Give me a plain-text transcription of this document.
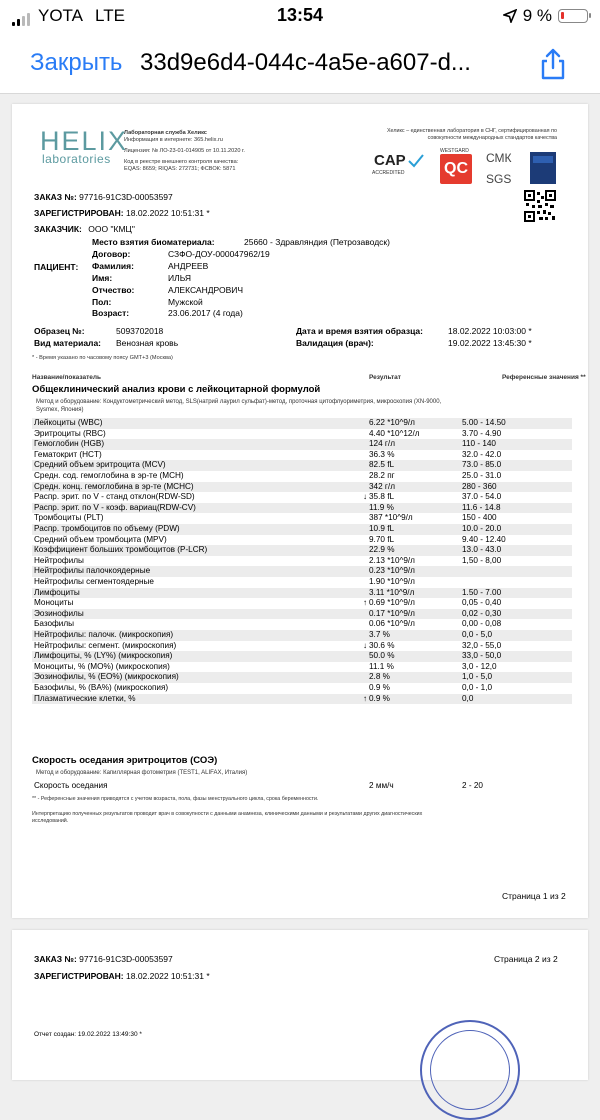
YOTA LTE	13:54	9 %
Закрыть 33d9e6d4-044c-4a5e-a607-d...
HELIX
laboratories
Лабораторная служба Хеликс
Информация в интернете: 365.helix.ru
Лицензия: № ЛО-23-01-014905 от 10.11.2020 г.
Код в реестре внешнего контроля качества:
EQAS: 8659; RIQAS: 272731; ФСВОК: 5871
Хеликс – единственная лаборатория в СНГ, сертифицированная по совокупности международных стандартов качества
CAP
ACCREDITED
WESTGARD
QC
СМК
SGS
ЗАКАЗ №: 97716-91C3D-00053597
ЗАРЕГИСТРИРОВАН: 18.02.2022 10:51:31 *
ЗАКАЗЧИК: ООО "КМЦ"
ПАЦИЕНТ:
Место взятия биоматериала:	25660 - Здравляндия (Петрозаводск)
Договор:	СЗФО-ДОУ-000047962/19
Фамилия:	АНДРЕЕВ
Имя:	ИЛЬЯ
Отчество:	АЛЕКСАНДРОВИЧ
Пол:	Мужской
Возраст:	23.06.2017 (4 года)
Образец №:	5093702018
Вид материала: Венозная кровь
Дата и время взятия образца:	18.02.2022 10:03:00 *
Валидация (врач):	19.02.2022 13:45:30 *
* - Время указано по часовому поясу GMT+3 (Москва)
Название/показатель	Результат	Референсные значения **
Общеклинический анализ крови с лейкоцитарной формулой
Метод и оборудование: Кондуктометрический метод, SLS(натрий лаурил сульфат)-метод, проточная цитофлуориметрия, микроскопия (XN-9000, Sysmex, Япония)
Лейкоциты (WBC)	6.22 *10^9/л	5.00 - 14.50
Эритроциты (RBC)	4.40 *10^12/л	3.70 - 4.90
Гемоглобин (HGB)	124 г/л	110 - 140
Гематокрит (HCT)	36.3 %	32.0 - 42.0
Средний объем эритроцита (MCV)	82.5 fL	73.0 - 85.0
Средн. сод. гемоглобина в эр-те (MCH)	28.2 пг	25.0 - 31.0
Средн. конц. гемоглобина в эр-те (MCHC)	342 г/л	280 - 360
Распр. эрит. по V - станд отклон(RDW-SD)	↓ 35.8 fL	37.0 - 54.0
Распр. эрит. по V - коэф. вариац(RDW-CV)	11.9 %	11.6 - 14.8
Тромбоциты (PLT)	387 *10^9/л	150 - 400
Распр. тромбоцитов по объему (PDW)	10.9 fL	10.0 - 20.0
Средний объем тромбоцита (MPV)	9.70 fL	9.40 - 12.40
Коэффициент больших тромбоцитов (P-LCR)	22.9 %	13.0 - 43.0
Нейтрофилы	2.13 *10^9/л	1,50 - 8,00
Нейтрофилы палочкоядерные	0.23 *10^9/л
Нейтрофилы сегментоядерные	1.90 *10^9/л
Лимфоциты	3.11 *10^9/л	1.50 - 7.00
Моноциты	↑ 0.69 *10^9/л	0,05 - 0,40
Эозинофилы	0.17 *10^9/л	0,02 - 0,30
Базофилы	0.06 *10^9/л	0,00 - 0,08
Нейтрофилы: палочк. (микроскопия)	3.7 %	0,0 - 5,0
Нейтрофилы: сегмент. (микроскопия)	↓ 30.6 %	32,0 - 55,0
Лимфоциты, % (LY%) (микроскопия)	50.0 %	33,0 - 50,0
Моноциты, % (MO%) (микроскопия)	11.1 %	3,0 - 12,0
Эозинофилы, % (EO%) (микроскопия)	2.8 %	1,0 - 5,0
Базофилы, % (BA%) (микроскопия)	0.9 %	0,0 - 1,0
Плазматические клетки, %	↑ 0.9 %	0,0
Скорость оседания эритроцитов (СОЭ)
Метод и оборудование: Капиллярная фотометрия (TEST1, ALIFAX, Италия)
Скорость оседания	2 мм/ч	2 - 20
** - Референсные значения приводятся с учетом возраста, пола, фазы менструального цикла, срока беременности.
Интерпретацию полученных результатов проводит врач в совокупности с данными анамнеза, клиническими данными и результатами других диагностических исследований.
Страница 1 из 2
ЗАКАЗ №: 97716-91C3D-00053597	Страница 2 из 2
ЗАРЕГИСТРИРОВАН: 18.02.2022 10:51:31 *
Отчет создан: 19.02.2022 13:49:30 *
